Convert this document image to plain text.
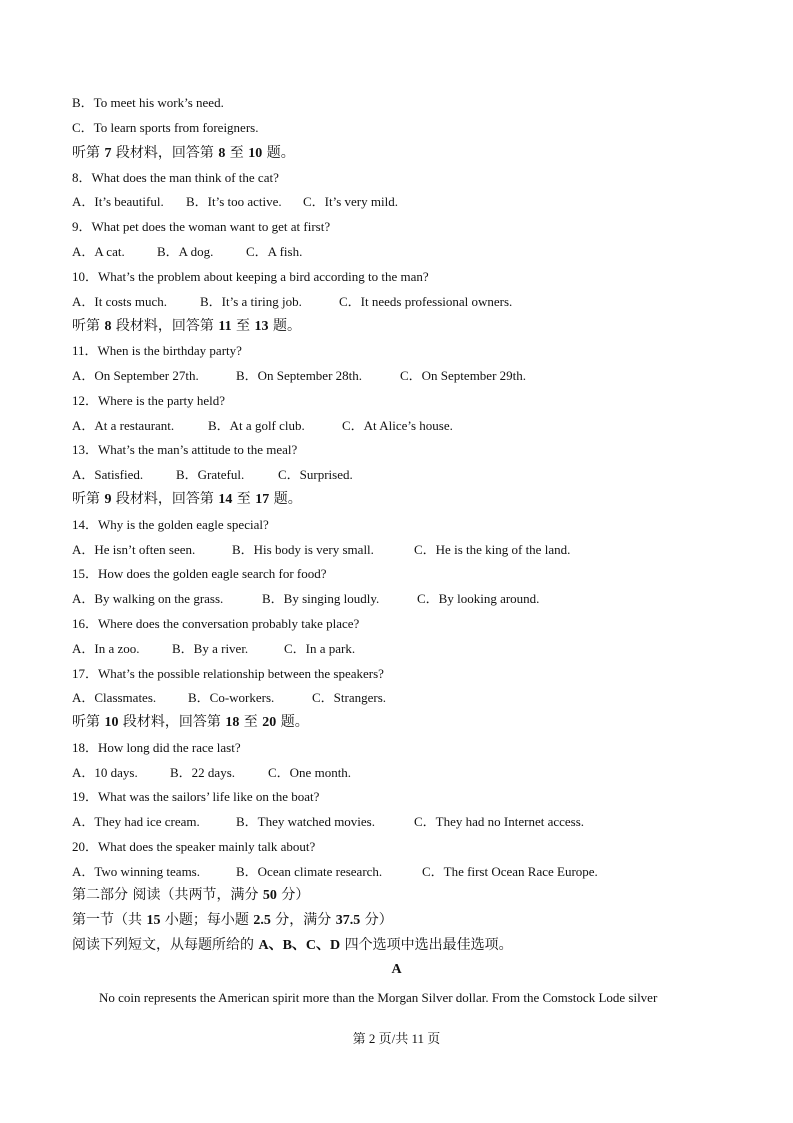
B．To meet his work’s need.
C．To learn sports from foreigners.
听第 7 段材料，回答第 8 至 10 题。
8．What does the man think of the cat?
A．It’s beautiful. B．It’s too active. C．It’s very mild.
9．What pet does the woman want to get at first?
A．A cat. B．A dog.	C．A fish.
10．What’s the problem about keeping a bird according to the man?
A．It costs much.	B．It’s a tiring job.	C．It needs professional owners.
听第 8 段材料，回答第 11 至 13 题。
11．When is the birthday party?
A．On September 27th.	B．On September 28th.	C．On September 29th.
12．Where is the party held?
A．At a restaurant.	B．At a golf club.	C．At Alice’s house.
13．What’s the man’s attitude to the meal?
A．Satisfied.	B．Grateful.	C．Surprised.
听第 9 段材料，回答第 14 至 17 题。
14．Why is the golden eagle special?
A．He isn’t often seen.	B．His body is very small.	C．He is the king of the land.
15．How does the golden eagle search for food?
A．By walking on the grass.	B．By singing loudly.	C．By looking around.
16．Where does the conversation probably take place?
A．In a zoo. B．By a river.	C．In a park.
17．What’s the possible relationship between the speakers?
A．Classmates. B．Co-workers.	C．Strangers.
听第 10 段材料，回答第 18 至 20 题。
18．How long did the race last?
A．10 days. B．22 days.	C．One month.
19．What was the sailors’ life like on the boat?
A．They had ice cream.	B．They watched movies.	C．They had no Internet access.
20．What does the speaker mainly talk about?
A．Two winning teams.	B．Ocean climate research.	C．The first Ocean Race Europe.
第二部分 阅读（共两节，满分 50 分）
第一节（共 15 小题；每小题 2.5 分，满分 37.5 分）
阅读下列短文，从每题所给的 A、B、C、D 四个选项中选出最佳选项。
A
No coin represents the American spirit more than the Morgan Silver dollar. From the Comstock Lode silver
第 2 页/共 11 页
